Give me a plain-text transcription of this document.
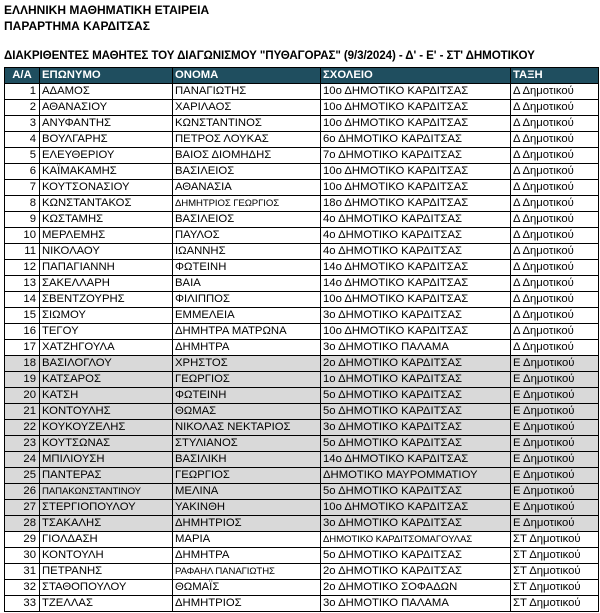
ΕΛΛΗΝΙΚΗ ΜΑΘΗΜΑΤΙΚΗ ΕΤΑΙΡΕΙΑ
ΠΑΡΑΡΤΗΜΑ ΚΑΡΔΙΤΣΑΣ
ΔΙΑΚΡΙΘΕΝΤΕΣ ΜΑΘΗΤΕΣ ΤΟΥ ΔΙΑΓΩΝΙΣΜΟΥ "ΠΥΘΑΓΟΡΑΣ" (9/3/2024) - Δ' - Ε' - ΣΤ' ΔΗΜΟΤΙΚΟΥ
Α/Α	ΕΠΩΝΥΜΟ	ΟΝΟΜΑ	ΣΧΟΛΕΙΟ	ΤΑΞΗ
1	ΑΔΑΜΟΣ	ΠΑΝΑΓΙΩΤΗΣ	10ο ΔΗΜΟΤΙΚΟ ΚΑΡΔΙΤΣΑΣ	Δ Δημοτικού
2	ΑΘΑΝΑΣΙΟΥ	ΧΑΡΙΛΑΟΣ	10ο ΔΗΜΟΤΙΚΟ ΚΑΡΔΙΤΣΑΣ	Δ Δημοτικού
3	ΑΝΥΦΑΝΤΗΣ	ΚΩΝΣΤΑΝΤΙΝΟΣ	10ο ΔΗΜΟΤΙΚΟ ΚΑΡΔΙΤΣΑΣ	Δ Δημοτικού
4	ΒΟΥΛΓΑΡΗΣ	ΠΕΤΡΟΣ ΛΟΥΚΑΣ	6ο ΔΗΜΟΤΙΚΟ ΚΑΡΔΙΤΣΑΣ	Δ Δημοτικού
5	ΕΛΕΥΘΕΡΙΟΥ	ΒΑΙΟΣ ΔΙΟΜΗΔΗΣ	7ο ΔΗΜΟΤΙΚΟ ΚΑΡΔΙΤΣΑΣ	Δ Δημοτικού
6	ΚΑΪΜΑΚΑΜΗΣ	ΒΑΣΙΛΕΙΟΣ	10ο ΔΗΜΟΤΙΚΟ ΚΑΡΔΙΤΣΑΣ	Δ Δημοτικού
7	ΚΟΥΤΣΟΝΑΣΙΟΥ	ΑΘΑΝΑΣΙΑ	10ο ΔΗΜΟΤΙΚΟ ΚΑΡΔΙΤΣΑΣ	Δ Δημοτικού
8	ΚΩΝΣΤΑΝΤΑΚΟΣ	ΔΗΜΗΤΡΙΟΣ ΓΕΩΡΓΙΟΣ	18ο ΔΗΜΟΤΙΚΟ ΚΑΡΔΙΤΣΑΣ	Δ Δημοτικού
9	ΚΩΣΤΑΜΗΣ	ΒΑΣΙΛΕΙΟΣ	4ο ΔΗΜΟΤΙΚΟ ΚΑΡΔΙΤΣΑΣ	Δ Δημοτικού
10	ΜΕΡΛΕΜΗΣ	ΠΑΥΛΟΣ	4ο ΔΗΜΟΤΙΚΟ ΚΑΡΔΙΤΣΑΣ	Δ Δημοτικού
11	ΝΙΚΟΛΑΟΥ	ΙΩΑΝΝΗΣ	4ο ΔΗΜΟΤΙΚΟ ΚΑΡΔΙΤΣΑΣ	Δ Δημοτικού
12	ΠΑΠΑΓΙΑΝΝΗ	ΦΩΤΕΙΝΗ	14ο ΔΗΜΟΤΙΚΟ ΚΑΡΔΙΤΣΑΣ	Δ Δημοτικού
13	ΣΑΚΕΛΛΑΡΗ	ΒΑΙΑ	14ο ΔΗΜΟΤΙΚΟ ΚΑΡΔΙΤΣΑΣ	Δ Δημοτικού
14	ΣΒΕΝΤΖΟΥΡΗΣ	ΦΙΛΙΠΠΟΣ	10ο ΔΗΜΟΤΙΚΟ ΚΑΡΔΙΤΣΑΣ	Δ Δημοτικού
15	ΣΙΩΜΟΥ	ΕΜΜΕΛΕΙΑ	3ο ΔΗΜΟΤΙΚΟ ΚΑΡΔΙΤΣΑΣ	Δ Δημοτικού
16	ΤΕΓΟΥ	ΔΗΜΗΤΡΑ ΜΑΤΡΩΝΑ	10ο ΔΗΜΟΤΙΚΟ ΚΑΡΔΙΤΣΑΣ	Δ Δημοτικού
17	ΧΑΤΖΗΓΟΥΛΑ	ΔΗΜΗΤΡΑ	3ο ΔΗΜΟΤΙΚΟ ΠΑΛΑΜΑ	Δ Δημοτικού
18	ΒΑΣΙΛΟΓΛΟΥ	ΧΡΗΣΤΟΣ	2ο ΔΗΜΟΤΙΚΟ ΚΑΡΔΙΤΣΑΣ	Ε Δημοτικού
19	ΚΑΤΣΑΡΟΣ	ΓΕΩΡΓΙΟΣ	1ο ΔΗΜΟΤΙΚΟ ΚΑΡΔΙΤΣΑΣ	Ε Δημοτικού
20	ΚΑΤΣΗ	ΦΩΤΕΙΝΗ	5ο ΔΗΜΟΤΙΚΟ ΚΑΡΔΙΤΣΑΣ	Ε Δημοτικού
21	ΚΟΝΤΟΥΛΗΣ	ΘΩΜΑΣ	5ο ΔΗΜΟΤΙΚΟ ΚΑΡΔΙΤΣΑΣ	Ε Δημοτικού
22	ΚΟΥΚΟΥΖΕΛΗΣ	ΝΙΚΟΛΑΣ ΝΕΚΤΑΡΙΟΣ	3ο ΔΗΜΟΤΙΚΟ ΚΑΡΔΙΤΣΑΣ	Ε Δημοτικού
23	ΚΟΥΤΣΩΝΑΣ	ΣΤΥΛΙΑΝΟΣ	5ο ΔΗΜΟΤΙΚΟ ΚΑΡΔΙΤΣΑΣ	Ε Δημοτικού
24	ΜΠΙΛΙΟΥΣΗ	ΒΑΣΙΛΙΚΗ	14ο ΔΗΜΟΤΙΚΟ ΚΑΡΔΙΤΣΑΣ	Ε Δημοτικού
25	ΠΑΝΤΕΡΑΣ	ΓΕΩΡΓΙΟΣ	ΔΗΜΟΤΙΚΟ ΜΑΥΡΟΜΜΑΤΙΟΥ	Ε Δημοτικού
26	ΠΑΠΑΚΩΝΣΤΑΝΤΙΝΟΥ	ΜΕΛΙΝΑ	5ο ΔΗΜΟΤΙΚΟ ΚΑΡΔΙΤΣΑΣ	Ε Δημοτικού
27	ΣΤΕΡΓΙΟΠΟΥΛΟΥ	ΥΑΚΙΝΘΗ	10ο ΔΗΜΟΤΙΚΟ ΚΑΡΔΙΤΣΑΣ	Ε Δημοτικού
28	ΤΣΑΚΑΛΗΣ	ΔΗΜΗΤΡΙΟΣ	3ο ΔΗΜΟΤΙΚΟ ΚΑΡΔΙΤΣΑΣ	Ε Δημοτικού
29	ΓΙΟΛΔΑΣΗ	ΜΑΡΙΑ	ΔΗΜΟΤΙΚΟ ΚΑΡΔΙΤΣΟΜΑΓΟΥΛΑΣ	ΣΤ Δημοτικού
30	ΚΟΝΤΟΥΛΗ	ΔΗΜΗΤΡΑ	5ο ΔΗΜΟΤΙΚΟ ΚΑΡΔΙΤΣΑΣ	ΣΤ Δημοτικού
31	ΠΕΤΡΑΝΗΣ	ΡΑΦΑΗΛ ΠΑΝΑΓΙΩΤΗΣ	2ο ΔΗΜΟΤΙΚΟ ΚΑΡΔΙΤΣΑΣ	ΣΤ Δημοτικού
32	ΣΤΑΘΟΠΟΥΛΟΥ	ΘΩΜΑΪΣ	2ο ΔΗΜΟΤΙΚΟ ΣΟΦΑΔΩΝ	ΣΤ Δημοτικού
33	ΤΖΕΛΛΑΣ	ΔΗΜΗΤΡΙΟΣ	3ο ΔΗΜΟΤΙΚΟ ΠΑΛΑΜΑ	ΣΤ Δημοτικού
